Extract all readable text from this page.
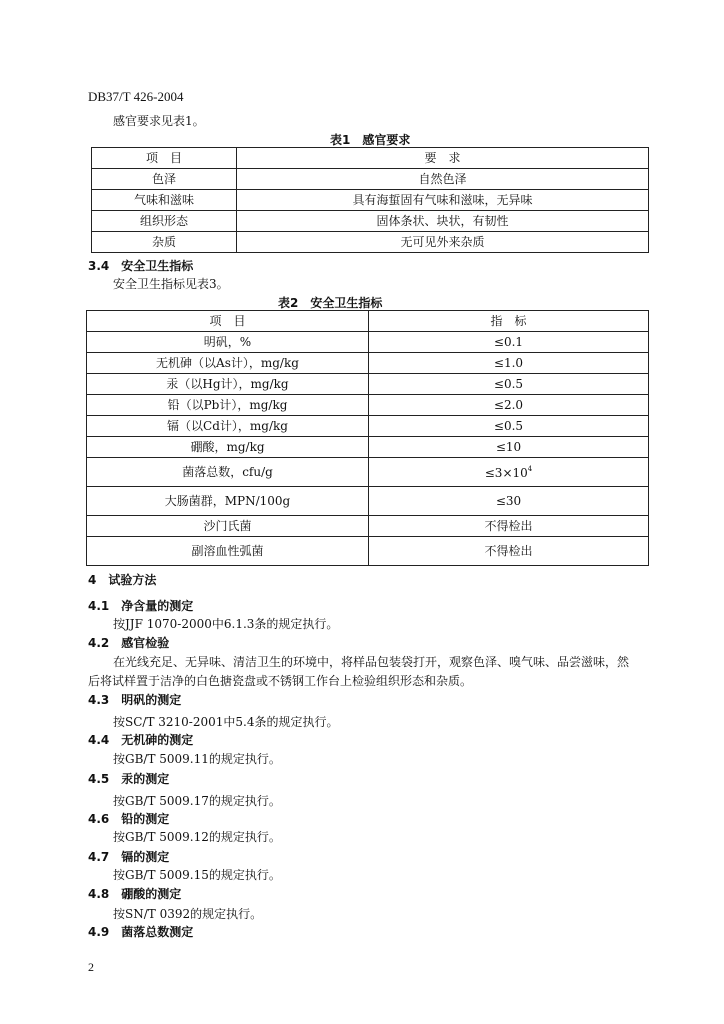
DB37/T 426-2004
感官要求见表1。
表1　感官要求
项　目	要　求
色泽	自然色泽
气味和滋味	具有海蜇固有气味和滋味，无异味
组织形态	固体条状、块状，有韧性
杂质	无可见外来杂质
3.4　安全卫生指标
安全卫生指标见表3。
表2　安全卫生指标
项　目	指　标
明矾，%	≤0.1
无机砷（以As计），mg/kg	≤1.0
汞（以Hg计），mg/kg	≤0.5
铅（以Pb计），mg/kg	≤2.0
镉（以Cd计），mg/kg	≤0.5
硼酸，mg/kg	≤10
菌落总数，cfu/g	$\le 3\times 10^4$
大肠菌群，MPN/100g	≤30
沙门氏菌	不得检出
副溶血性弧菌	不得检出
4　试验方法
4.1　净含量的测定
按JJF 1070-2000中6.1.3条的规定执行。
4.2　感官检验
在光线充足、无异味、清洁卫生的环境中，将样品包装袋打开，观察色泽、嗅气味、品尝滋味，然
后将试样置于洁净的白色搪瓷盘或不锈钢工作台上检验组织形态和杂质。
4.3　明矾的测定
按SC/T 3210-2001中5.4条的规定执行。
4.4　无机砷的测定
按GB/T 5009.11的规定执行。
4.5　汞的测定
按GB/T 5009.17的规定执行。
4.6　铅的测定
按GB/T 5009.12的规定执行。
4.7　镉的测定
按GB/T 5009.15的规定执行。
4.8　硼酸的测定
按SN/T 0392的规定执行。
4.9　菌落总数测定
2
